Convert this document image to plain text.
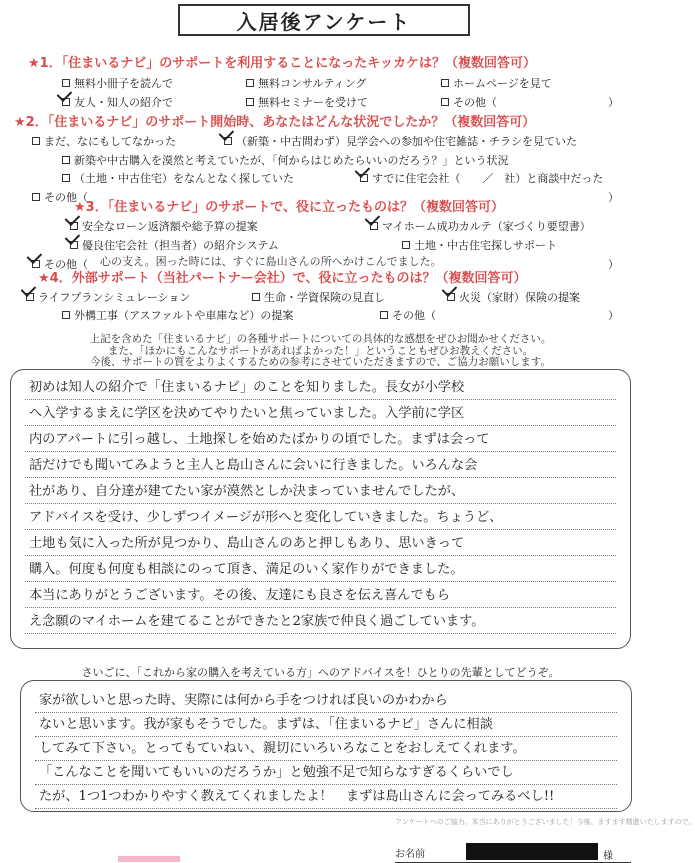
入居後アンケート
★1．「住まいるナビ」のサポートを利用することになったキッカケは？（複数回答可）
無料小冊子を読んで	無料コンサルティング	ホームページを見て
友人・知人の紹介で	無料セミナーを受けて	その他（	）
★2．「住まいるナビ」のサポート開始時、あなたはどんな状況でしたか？（複数回答可）
まだ、なにもしてなかった	（新築・中古問わず）見学会への参加や住宅雑誌・チラシを見ていた
新築や中古購入を漠然と考えていたが、「何からはじめたらいいのだろう？」という状況
（土地・中古住宅）をなんとなく探していた	すでに住宅会社（　　／　社）と商談中だった
その他（	）
★3．「住まいるナビ」のサポートで、役に立ったものは？（複数回答可）
安全なローン返済額や総予算の提案	マイホーム成功カルテ（家づくり要望書）
優良住宅会社（担当者）の紹介システム	土地・中古住宅探しサポート
その他（ 心の支え。困った時には、すぐに島山さんの所へかけこんでました。	）
★4．外部サポート（当社パートナー会社）で、役に立ったものは？（複数回答可）
ライフプランシミュレーション	生命・学資保険の見直し	火災（家財）保険の提案
外構工事（アスファルトや車庫など）の提案	その他（	）
上記を含めた「住まいるナビ」の各種サポートについての具体的な感想をぜひお聞かせください。
また、「ほかにもこんなサポートがあればよかった！」ということもぜひお教えください。
今後、サポートの質をよりよくするための参考にさせていただきますので、ご協力お願いします。
初めは知人の紹介で「住まいるナビ」のことを知りました。長女が小学校
へ入学するまえに学区を決めてやりたいと焦っていました。入学前に学区
内のアパートに引っ越し、土地探しを始めたばかりの頃でした。まずは会って
話だけでも聞いてみようと主人と島山さんに会いに行きました。いろんな会
社があり、自分達が建てたい家が漠然としか決まっていませんでしたが、
アドバイスを受け、少しずつイメージが形へと変化していきました。ちょうど、
土地も気に入った所が見つかり、島山さんのあと押しもあり、思いきって
購入。何度も何度も相談にのって頂き、満足のいく家作りができました。
本当にありがとうございます。その後、友達にも良さを伝え喜んでもら
え念願のマイホームを建てることができたと2家族で仲良く過ごしています。
さいごに、「これから家の購入を考えている方」へのアドバイスを！ひとりの先輩としてどうぞ。
家が欲しいと思った時、実際には何から手をつければ良いのかわから
ないと思います。我が家もそうでした。まずは、「住まいるナビ」さんに相談
してみて下さい。とってもていねい、親切にいろいろなことをおしえてくれます。
「こんなことを聞いてもいいのだろうか」と勉強不足で知らなすぎるくらいでし
たが、1つ1つわかりやすく教えてくれましたよ！　まずは島山さんに会ってみるべし!!
アンケートへのご協力、本当にありがとうございました！今後、ますます精進いたしますので。
お名前	様
